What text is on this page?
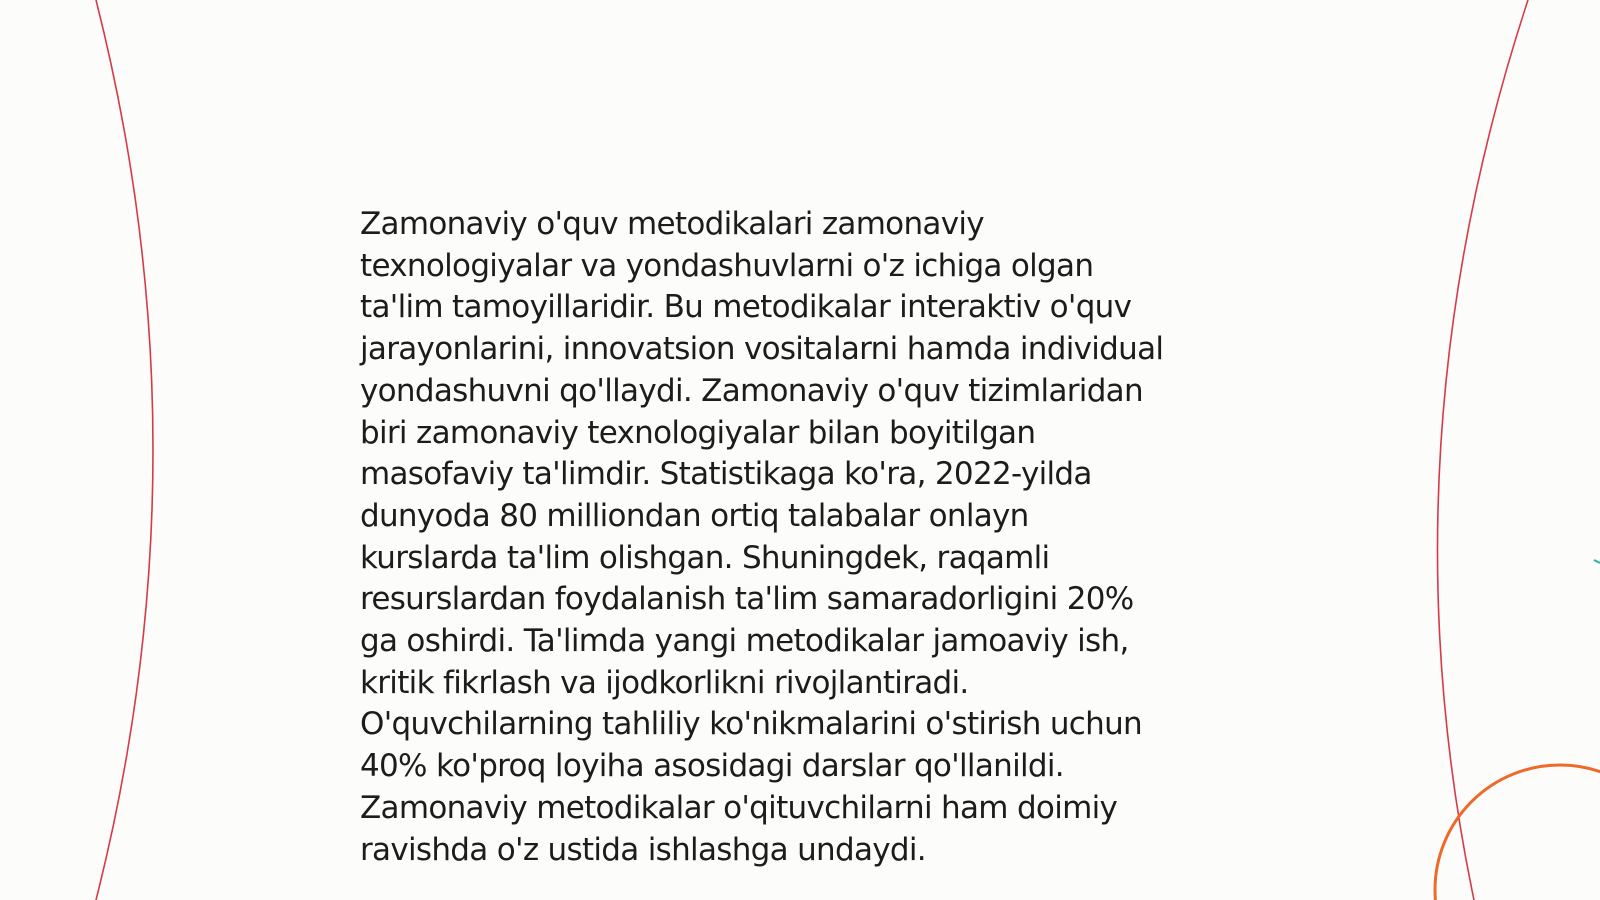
Zamonaviy o'quv metodikalari zamonaviy
texnologiyalar va yondashuvlarni o'z ichiga olgan
ta'lim tamoyillaridir. Bu metodikalar interaktiv o'quv
jarayonlarini, innovatsion vositalarni hamda individual
yondashuvni qo'llaydi. Zamonaviy o'quv tizimlaridan
biri zamonaviy texnologiyalar bilan boyitilgan
masofaviy ta'limdir. Statistikaga ko'ra, 2022-yilda
dunyoda 80 milliondan ortiq talabalar onlayn
kurslarda ta'lim olishgan. Shuningdek, raqamli
resurslardan foydalanish ta'lim samaradorligini 20%
ga oshirdi. Ta'limda yangi metodikalar jamoaviy ish,
kritik fikrlash va ijodkorlikni rivojlantiradi.
O'quvchilarning tahliliy ko'nikmalarini o'stirish uchun
40% ko'proq loyiha asosidagi darslar qo'llanildi.
Zamonaviy metodikalar o'qituvchilarni ham doimiy
ravishda o'z ustida ishlashga undaydi.
